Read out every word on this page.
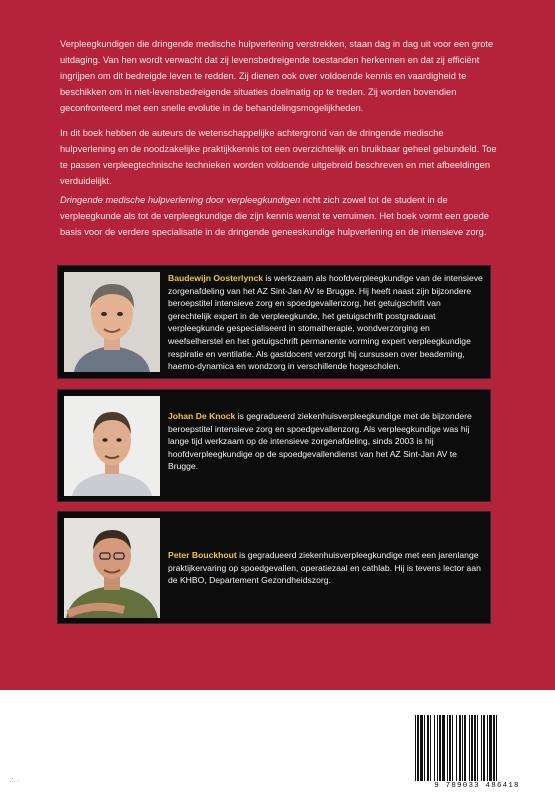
Verpleegkundigen die dringende medische hulpverlening verstrekken, staan dag in dag uit voor een grote uitdaging. Van hen wordt verwacht dat zij levensbedreigende toestanden herkennen en dat zij efficiënt ingrijpen om dit bedreigde leven te redden. Zij dienen ook over voldoende kennis en vaardigheid te beschikken om in niet-levensbedreigende situaties doelmatig op te treden. Zij worden bovendien geconfronteerd met een snelle evolutie in de behandelingsmogelijkheden.

In dit boek hebben de auteurs de wetenschappelijke achtergrond van de dringende medische hulpverlening en de noodzakelijke praktijkkennis tot een overzichtelijk en bruikbaar geheel gebundeld. Toe te passen verpleegtechnische technieken worden voldoende uitgebreid beschreven en met afbeeldingen verduidelijkt.

Dringende medische hulpverlening door verpleegkundigen richt zich zowel tot de student in de verpleegkunde als tot de verpleegkundige die zijn kennis wenst te verruimen. Het boek vormt een goede basis voor de verdere specialisatie in de dringende geneeskundige hulpverlening en de intensieve zorg.

Baudewijn Oosterlynck is werkzaam als hoofdverpleegkundige van de intensieve zorgenafdeling van het AZ Sint-Jan AV te Brugge. Hij heeft naast zijn bijzondere beroepstitel intensieve zorg en spoedgevallenzorg, het getuigschrift van gerechtelijk expert in de verpleegkunde, het getuigschrift postgraduaat verpleegkunde gespecialiseerd in stomatherapie, wondverzorging en weefselherstel en het getuigschrift permanente vorming expert verpleegkundige respiratie en ventilatie. Als gastdocent verzorgt hij cursussen over beademing, haemo-dynamica en wondzorg in verschillende hogescholen.

Johan De Knock is gegradueerd ziekenhuisverpleegkundige met de bijzondere beroepstitel intensieve zorg en spoedgevallenzorg. Als verpleegkundige was hij lange tijd werkzaam op de intensieve zorgenafdeling, sinds 2003 is hij hoofdverpleegkundige op de spoedgevallendienst van het AZ Sint-Jan AV te Brugge.

Peter Bouckhout is gegradueerd ziekenhuisverpleegkundige met een jarenlange praktijkervaring op spoedgevallen, operatiezaal en cathlab. Hij is tevens lector aan de KHBO, Departement Gezondheidszorg.

9 789033 486418
∴ ·
